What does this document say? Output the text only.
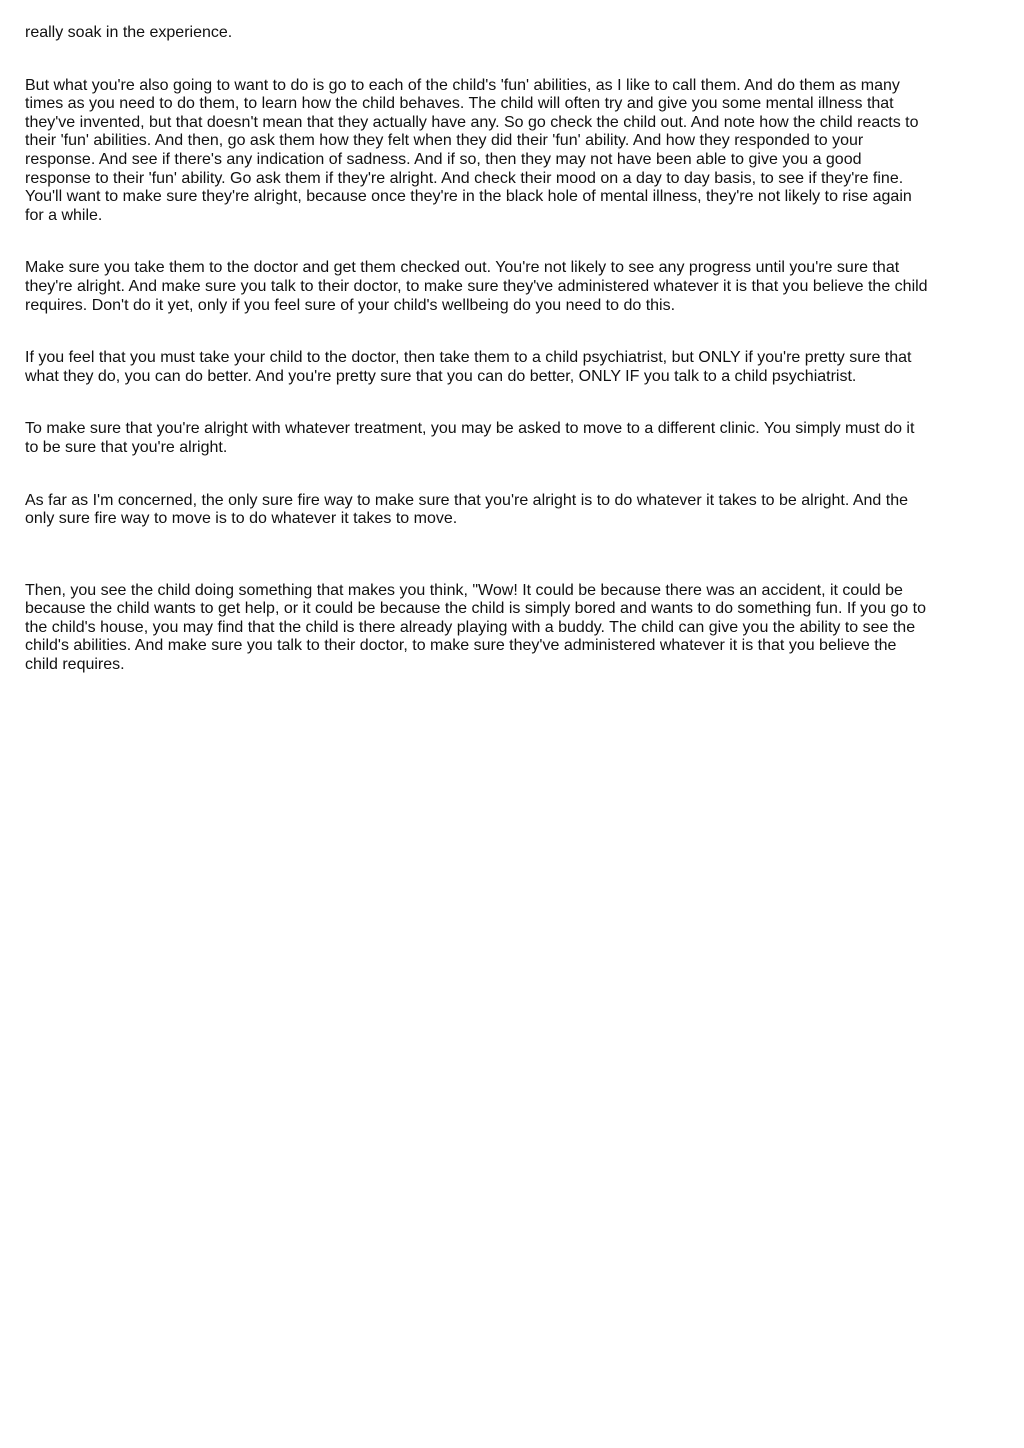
really soak in the experience.

But what you're also going to want to do is go to each of the child's 'fun' abilities, as I like to call them. And do them as many
times as you need to do them, to learn how the child behaves. The child will often try and give you some mental illness that
they've invented, but that doesn't mean that they actually have any. So go check the child out. And note how the child reacts to
their 'fun' abilities. And then, go ask them how they felt when they did their 'fun' ability. And how they responded to your
response. And see if there's any indication of sadness. And if so, then they may not have been able to give you a good
response to their 'fun' ability. Go ask them if they're alright. And check their mood on a day to day basis, to see if they're fine.
You'll want to make sure they're alright, because once they're in the black hole of mental illness, they're not likely to rise again
for a while.

Make sure you take them to the doctor and get them checked out. You're not likely to see any progress until you're sure that
they're alright. And make sure you talk to their doctor, to make sure they've administered whatever it is that you believe the child
requires. Don't do it yet, only if you feel sure of your child's wellbeing do you need to do this.

If you feel that you must take your child to the doctor, then take them to a child psychiatrist, but ONLY if you're pretty sure that
what they do, you can do better. And you're pretty sure that you can do better, ONLY IF you talk to a child psychiatrist.

To make sure that you're alright with whatever treatment, you may be asked to move to a different clinic. You simply must do it
to be sure that you're alright.

As far as I'm concerned, the only sure fire way to make sure that you're alright is to do whatever it takes to be alright. And the
only sure fire way to move is to do whatever it takes to move.

Then, you see the child doing something that makes you think, "Wow! It could be because there was an accident, it could be
because the child wants to get help, or it could be because the child is simply bored and wants to do something fun. If you go to
the child's house, you may find that the child is there already playing with a buddy. The child can give you the ability to see the
child's abilities. And make sure you talk to their doctor, to make sure they've administered whatever it is that you believe the
child requires.
